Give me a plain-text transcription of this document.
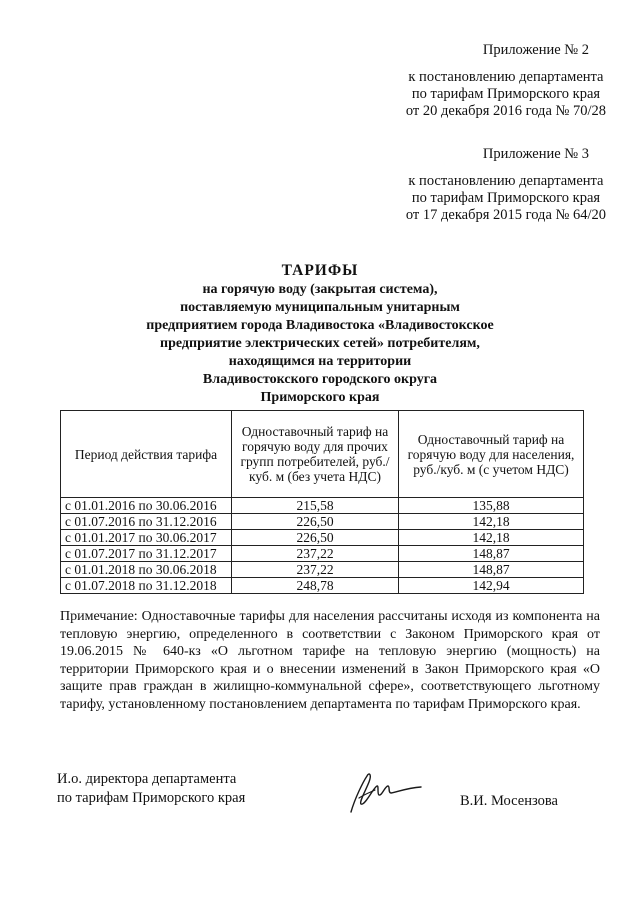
Приложение № 2
к постановлению департамента
по тарифам Приморского края
от 20 декабря 2016 года № 70/28
Приложение № 3
к постановлению департамента
по тарифам Приморского края
от 17 декабря 2015 года № 64/20
ТАРИФЫ
на горячую воду (закрытая система),
поставляемую муниципальным унитарным
предприятием города Владивостока «Владивостокское
предприятие электрических сетей» потребителям,
находящимся на территории
Владивостокского городского округа
Приморского края
Период действия тарифа	Одноставочный тариф на горячую воду для прочих групп потребителей, руб./куб. м (без учета НДС)	Одноставочный тариф на горячую воду для населения, руб./куб. м (с учетом НДС)
с 01.01.2016 по 30.06.2016	215,58	135,88
с 01.07.2016 по 31.12.2016	226,50	142,18
с 01.01.2017 по 30.06.2017	226,50	142,18
с 01.07.2017 по 31.12.2017	237,22	148,87
с 01.01.2018 по 30.06.2018	237,22	148,87
с 01.07.2018 по 31.12.2018	248,78	142,94
Примечание: Одноставочные тарифы для населения рассчитаны исходя из компонента на тепловую энергию, определенного в соответствии с Законом Приморского края от 19.06.2015 № 640-кз «О льготном тарифе на тепловую энергию (мощность) на территории Приморского края и о внесении изменений в Закон Приморского края «О защите прав граждан в жилищно-коммунальной сфере», соответствующего льготному тарифу, установленному постановлением департамента по тарифам Приморского края.
И.о. директора департамента
по тарифам Приморского края	В.И. Мосензова
